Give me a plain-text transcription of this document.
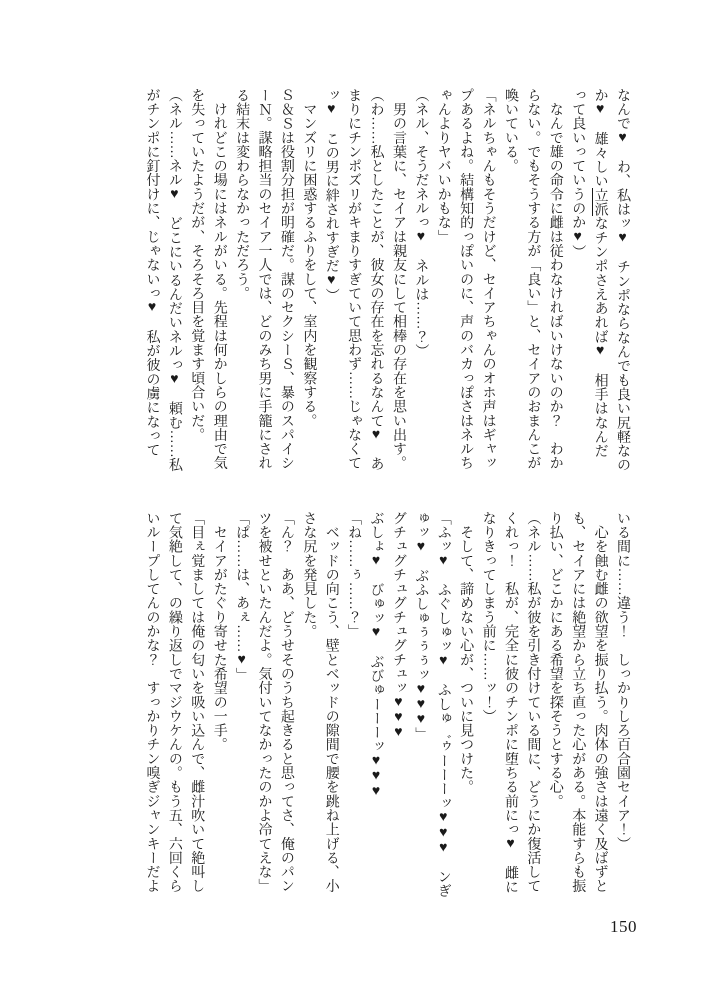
なんで♥　わ、私はッ♥　チンポならなんでも良い尻軽なの

か♥　雄々しい立派なチンポさえあれば♥　相手はなんだ

って良いっていうのか♥）

　なんで雄の命令に雌は従わなければいけないのか？　わか

らない。でもそうする方が「良い」と、セイアのおまんこが

喚いている。

「ネルちゃんもそうだけど、セイアちゃんのオホ声はギャッ

プあるよね。結構知的っぽいのに、声のバカっぽさはネルち

ゃんよりヤバいかもな」

（ネル、そうだネルっ♥　ネルは……？）

　男の言葉に、セイアは親友にして相棒の存在を思い出す。

（わ……私としたことが、彼女の存在を忘れるなんて♥　あ

まりにチンポズリがキまりすぎていて思わず……じゃなくて

ッ♥　この男に絆されすぎだ♥）

　マンズリに困惑するふりをして、室内を観察する。

Ｓ＆Ｓは役割分担が明確だ。謀のセクシーＳ、暴のスパイシ

ーＮ。謀略担当のセイア一人では、どのみち男に手籠にされ

る結末は変わらなかっただろう。

　けれどこの場にはネルがいる。先程は何かしらの理由で気

を失っていたようだが、そろそろ目を覚ます頃合いだ。

（ネル……ネル♥　どこにいるんだいネルっ♥　頼む……私

がチンポに釘付けに、じゃないっ♥　私が彼の虜になって

いる間に……違う！　しっかりしろ百合園セイア！）

　心を蝕む雌の欲望を振り払う。肉体の強さは遠く及ばずと

も、セイアには絶望から立ち直った心がある。本能すらも振

り払い、どこかにある希望を探そうとする心。

（ネル……私が彼を引き付けている間に、どうにか復活して

くれっ！　私が、完全に彼のチンポに堕ちる前にっ♥　雌に

なりきってしまう前に……ッ！）

　そして、諦めない心が、ついに見つけた。

「ふッ♥　ふぐしゅッ♥　ふしゅ゛ゥーーーッ♥♥♥　ンぎ

ゅッ♥　ぶふしゅぅぅぅッ♥♥♥」

グチュグチュグチュグチュッ♥♥♥

ぶしょ♥　びゅッ♥　ぶびゅーーーッ♥♥♥

「ね……ぅ……？」

　ベッドの向こう、壁とベッドの隙間で腰を跳ね上げる、小

さな尻を発見した。

「ん？　ああ、どうせそのうち起きると思ってさ、俺のパン

ツを被せといたんだよ。気付いてなかったのかよ冷てえな」

「ぱ……は、あぇ……♥」

　セイアがたぐり寄せた希望の一手。

「目ぇ覚ましては俺の匂いを吸い込んで、雌汁吹いて絶叫し

て気絶して、の繰り返しでマジウケんの。もう五、六回くら

いループしてんのかな？　すっかりチン嗅ぎジャンキーだよ

150
